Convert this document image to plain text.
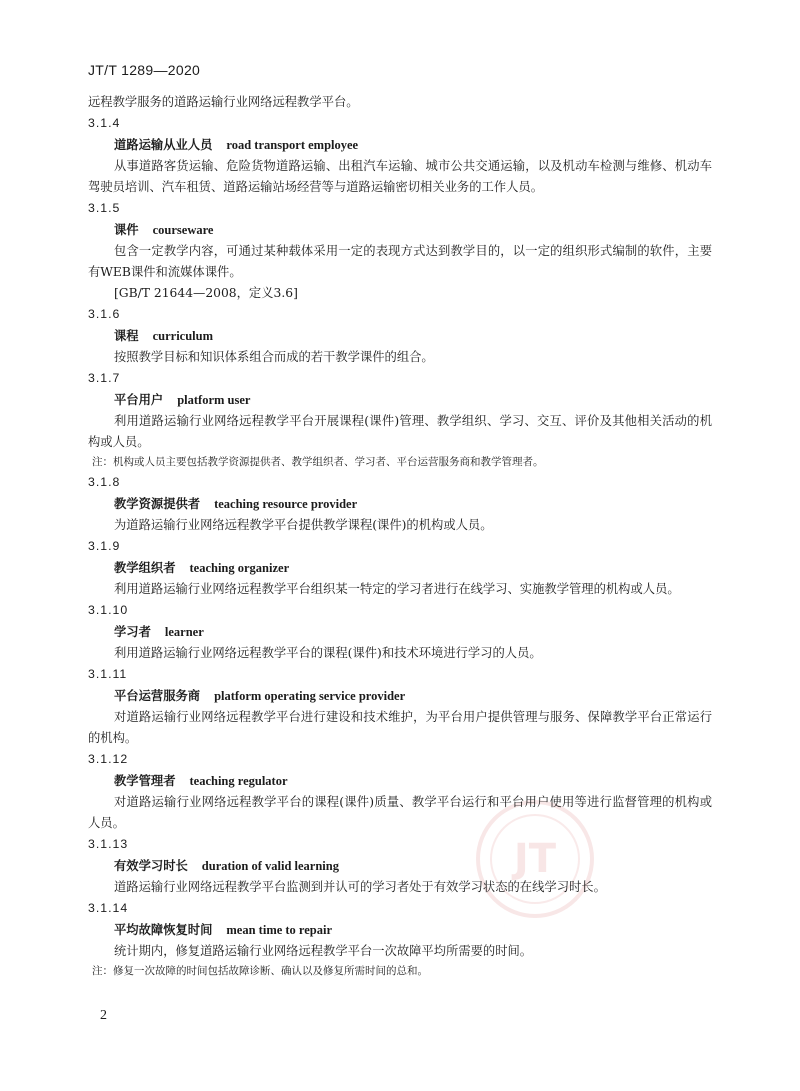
JT/T 1289—2020
JT
远程教学服务的道路运输行业网络远程教学平台。
3.1.4
道路运输从业人员 road transport employee
从事道路客货运输、危险货物道路运输、出租汽车运输、城市公共交通运输，以及机动车检测与维修、机动车驾驶员培训、汽车租赁、道路运输站场经营等与道路运输密切相关业务的工作人员。
3.1.5
课件 courseware
包含一定教学内容，可通过某种载体采用一定的表现方式达到教学目的，以一定的组织形式编制的软件，主要有WEB课件和流媒体课件。
[GB/T 21644—2008，定义3.6]
3.1.6
课程 curriculum
按照教学目标和知识体系组合而成的若干教学课件的组合。
3.1.7
平台用户 platform user
利用道路运输行业网络远程教学平台开展课程(课件)管理、教学组织、学习、交互、评价及其他相关活动的机构或人员。
注：机构或人员主要包括教学资源提供者、教学组织者、学习者、平台运营服务商和教学管理者。
3.1.8
教学资源提供者 teaching resource provider
为道路运输行业网络远程教学平台提供教学课程(课件)的机构或人员。
3.1.9
教学组织者 teaching organizer
利用道路运输行业网络远程教学平台组织某一特定的学习者进行在线学习、实施教学管理的机构或人员。
3.1.10
学习者 learner
利用道路运输行业网络远程教学平台的课程(课件)和技术环境进行学习的人员。
3.1.11
平台运营服务商 platform operating service provider
对道路运输行业网络远程教学平台进行建设和技术维护，为平台用户提供管理与服务、保障教学平台正常运行的机构。
3.1.12
教学管理者 teaching regulator
对道路运输行业网络远程教学平台的课程(课件)质量、教学平台运行和平台用户使用等进行监督管理的机构或人员。
3.1.13
有效学习时长 duration of valid learning
道路运输行业网络远程教学平台监测到并认可的学习者处于有效学习状态的在线学习时长。
3.1.14
平均故障恢复时间 mean time to repair
统计期内，修复道路运输行业网络远程教学平台一次故障平均所需要的时间。
注：修复一次故障的时间包括故障诊断、确认以及修复所需时间的总和。
2
